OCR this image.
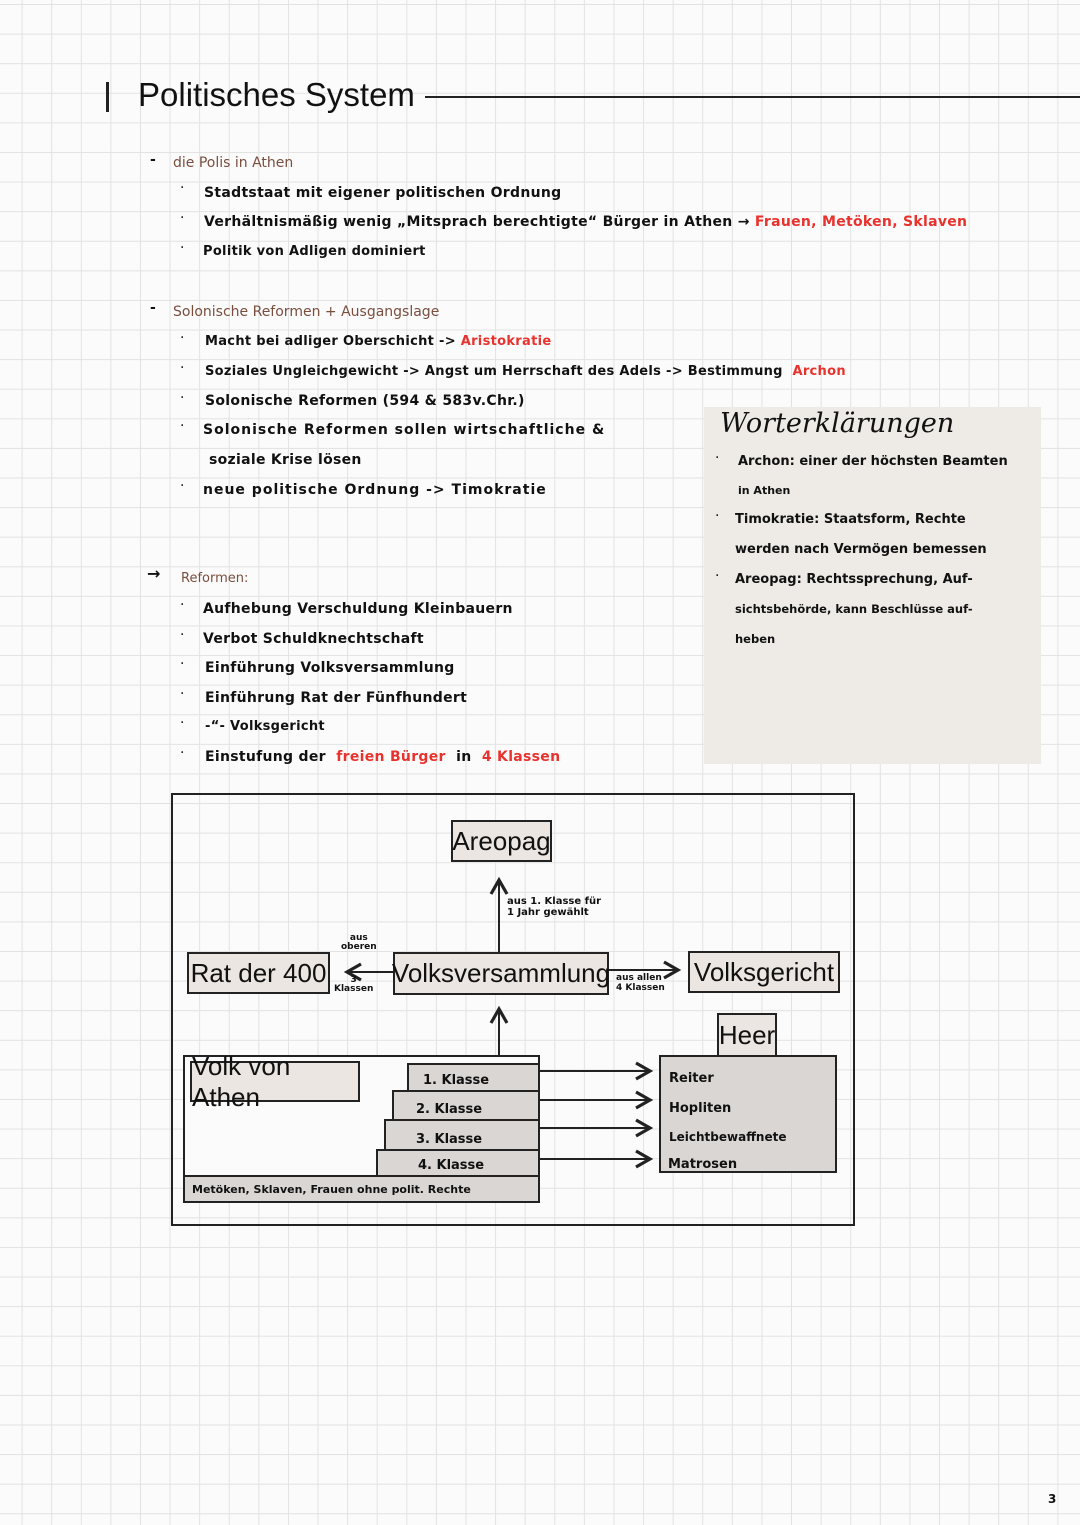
Politisches System
- die Polis in Athen
· Stadtstaat mit eigener politischen Ordnung
· Verhältnismäßig wenig „Mitsprach berechtigte“ Bürger in Athen → Frauen, Metöken, Sklaven
· Politik von Adligen dominiert
- Solonische Reformen + Ausgangslage
· Macht bei adliger Oberschicht -> Aristokratie
· Soziales Ungleichgewicht -> Angst um Herrschaft des Adels -> Bestimmung Archon
· Solonische Reformen (594 & 583v.Chr.)
· Solonische Reformen sollen wirtschaftliche &
soziale Krise lösen
· neue politische Ordnung -> Timokratie
Worterklärungen
· Archon: einer der höchsten Beamten
in Athen
· Timokratie: Staatsform, Rechte
werden nach Vermögen bemessen
· Areopag: Rechtssprechung, Auf-
sichtsbehörde, kann Beschlüsse auf-
heben
→ Reformen:
· Aufhebung Verschuldung Kleinbauern
· Verbot Schuldknechtschaft
· Einführung Volksversammlung
· Einführung Rat der Fünfhundert
· -“- Volksgericht
· Einstufung der freien Bürger in 4 Klassen
Areopag
aus 1. Klasse für
1 Jahr gewählt
Rat der 400
aus
oberen
3
Klassen
Volksversammlung aus allen
4 Klassen
Volksgericht
Volk von Athen
1. Klasse
2. Klasse
3. Klasse
4. Klasse
Metöken, Sklaven, Frauen ohne polit. Rechte
Heer
Reiter
Hopliten
Leichtbewaffnete
Matrosen
3
